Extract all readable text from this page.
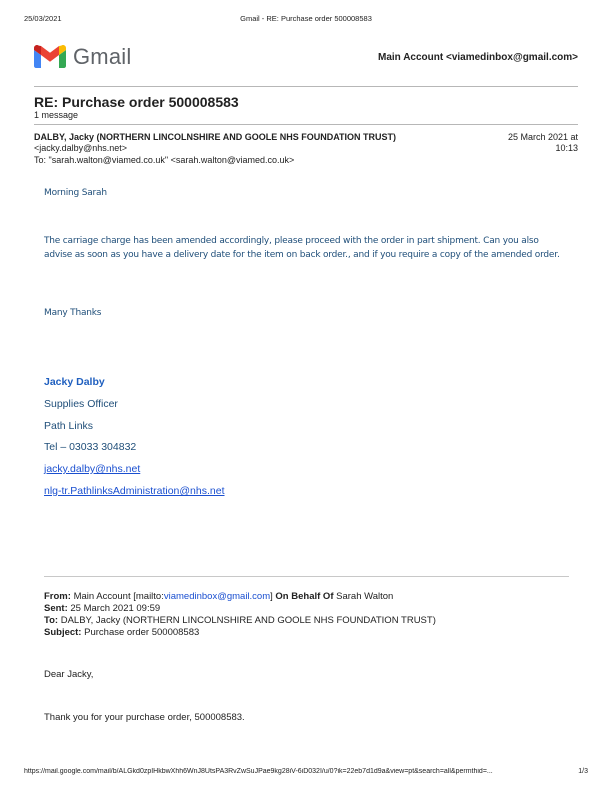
25/03/2021	Gmail - RE: Purchase order 500008583
Gmail	Main Account <viamedinbox@gmail.com>
RE: Purchase order 500008583
1 message
DALBY, Jacky (NORTHERN LINCOLNSHIRE AND GOOLE NHS FOUNDATION TRUST)
<jacky.dalby@nhs.net>
To: "sarah.walton@viamed.co.uk" <sarah.walton@viamed.co.uk>
25 March 2021 at
10:13
Morning Sarah
The carriage charge has been amended accordingly, please proceed with the order in part shipment. Can you also advise as soon as you have a delivery date for the item on back order., and if you require a copy of the amended order.
Many Thanks
Jacky Dalby
Supplies Officer
Path Links
Tel – 03033 304832
jacky.dalby@nhs.net
nlg-tr.PathlinksAdministration@nhs.net
From: Main Account [mailto:viamedinbox@gmail.com] On Behalf Of Sarah Walton
Sent: 25 March 2021 09:59
To: DALBY, Jacky (NORTHERN LINCOLNSHIRE AND GOOLE NHS FOUNDATION TRUST)
Subject: Purchase order 500008583
Dear Jacky,
Thank you for your purchase order, 500008583.
https://mail.google.com/mail/b/ALGkd0zpIHkbwXhh6WnJ8UtsPA3RvZwSuJPae9kg28iV-6iD032I/u/0?ik=22eb7d1d9a&view=pt&search=all&permthid=...	1/3
